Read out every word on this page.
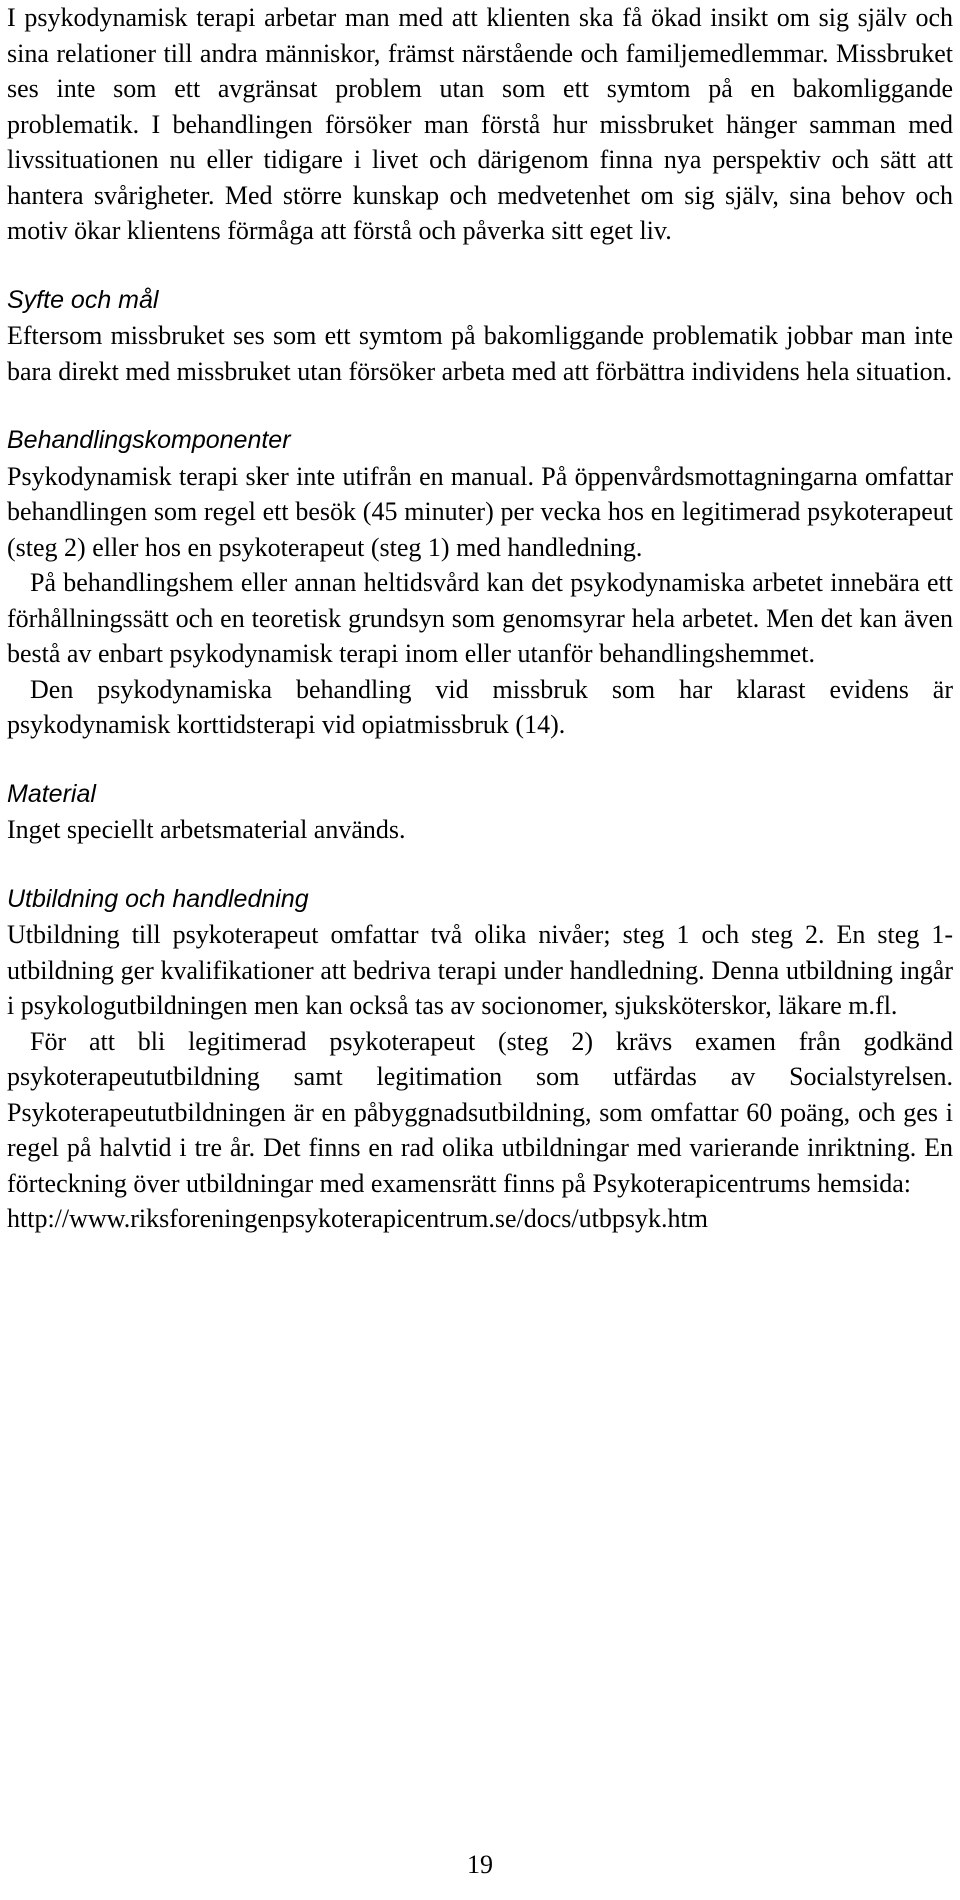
I psykodynamisk terapi arbetar man med att klienten ska få ökad insikt om sig själv och sina relationer till andra människor, främst närstående och familjemedlemmar. Missbruket ses inte som ett avgränsat problem utan som ett symtom på en bakomliggande problematik. I behandlingen försöker man förstå hur missbruket hänger samman med livssituationen nu eller tidigare i livet och därigenom finna nya perspektiv och sätt att hantera svårigheter. Med större kunskap och medvetenhet om sig själv, sina behov och motiv ökar klientens förmåga att förstå och påverka sitt eget liv.

Syfte och mål

Eftersom missbruket ses som ett symtom på bakomliggande problematik jobbar man inte bara direkt med missbruket utan försöker arbeta med att förbättra individens hela situation.

Behandlingskomponenter

Psykodynamisk terapi sker inte utifrån en manual. På öppenvårdsmottagningarna omfattar behandlingen som regel ett besök (45 minuter) per vecka hos en legitimerad psykoterapeut (steg 2) eller hos en psykoterapeut (steg 1) med handledning.

På behandlingshem eller annan heltidsvård kan det psykodynamiska arbetet innebära ett förhållningssätt och en teoretisk grundsyn som genomsyrar hela arbetet. Men det kan även bestå av enbart psykodynamisk terapi inom eller utanför behandlingshemmet.

Den psykodynamiska behandling vid missbruk som har klarast evidens är psykodynamisk korttidsterapi vid opiatmissbruk (14).

Material

Inget speciellt arbetsmaterial används.

Utbildning och handledning

Utbildning till psykoterapeut omfattar två olika nivåer; steg 1 och steg 2. En steg 1-utbildning ger kvalifikationer att bedriva terapi under handledning. Denna utbildning ingår i psykologutbildningen men kan också tas av socionomer, sjuksköterskor, läkare m.fl.

För att bli legitimerad psykoterapeut (steg 2) krävs examen från godkänd psykoterapeututbildning samt legitimation som utfärdas av Socialstyrelsen. Psykoterapeututbildningen är en påbyggnadsutbildning, som omfattar 60 poäng, och ges i regel på halvtid i tre år. Det finns en rad olika utbildningar med varierande inriktning. En förteckning över utbildningar med examensrätt finns på Psykoterapicentrums hemsida:

http://www.riksforeningenpsykoterapicentrum.se/docs/utbpsyk.htm

19
